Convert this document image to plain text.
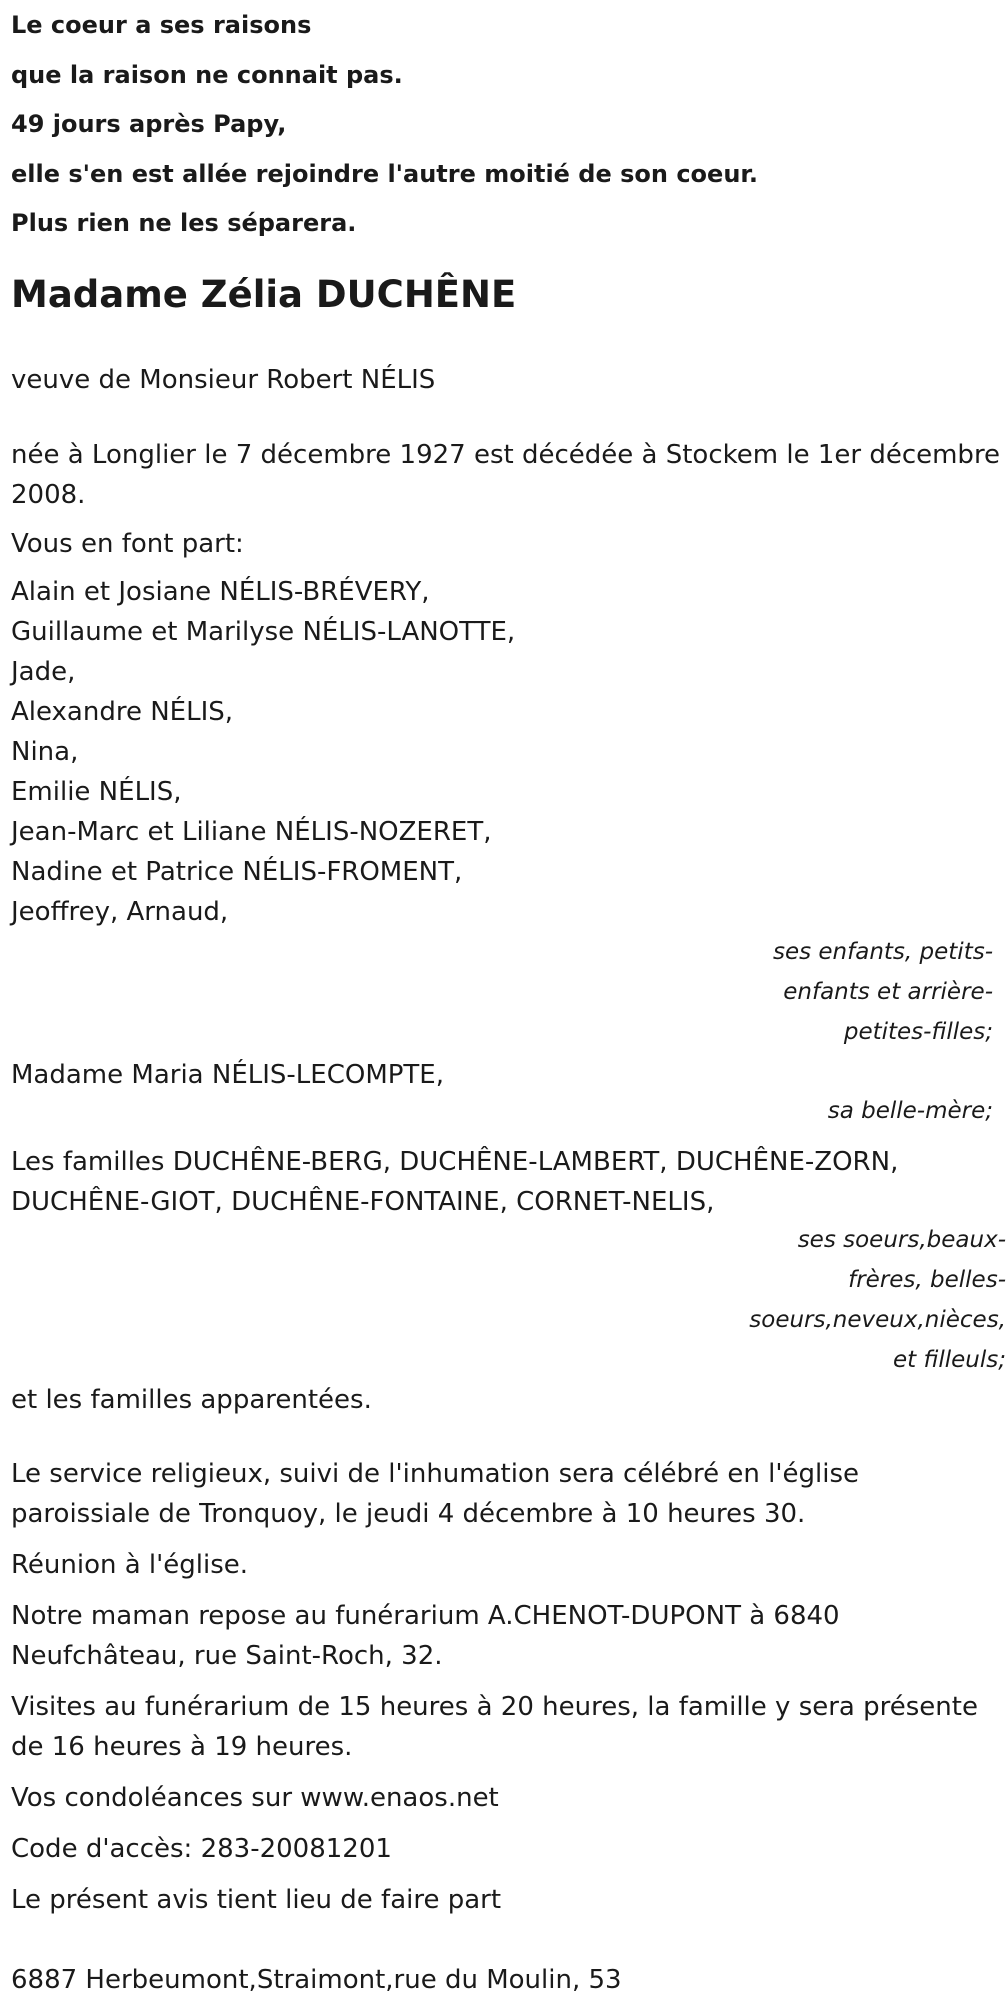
Le coeur a ses raisons

que la raison ne connait pas.

49 jours après Papy,

elle s'en est allée rejoindre l'autre moitié de son coeur.

Plus rien ne les séparera.

Madame Zélia DUCHÊNE

veuve de Monsieur Robert NÉLIS

née à Longlier le 7 décembre 1927 est décédée à Stockem le 1er décembre 2008.

Vous en font part:

Alain et Josiane NÉLIS-BRÉVERY,

Guillaume et Marilyse NÉLIS-LANOTTE,

Jade,

Alexandre NÉLIS,

Nina,

Emilie NÉLIS,

Jean-Marc et Liliane NÉLIS-NOZERET,

Nadine et Patrice NÉLIS-FROMENT,

Jeoffrey, Arnaud,

ses enfants, petits-enfants et arrière-petites-filles;

Madame Maria NÉLIS-LECOMPTE,

sa belle-mère;

Les familles DUCHÊNE-BERG, DUCHÊNE-LAMBERT, DUCHÊNE-ZORN, DUCHÊNE-GIOT, DUCHÊNE-FONTAINE, CORNET-NELIS,

ses soeurs,beaux-frères, belles-soeurs,neveux,nièces, et filleuls;

et les familles apparentées.

Le service religieux, suivi de l'inhumation sera célébré en l'église paroissiale de Tronquoy, le jeudi 4 décembre à 10 heures 30.

Réunion à l'église.

Notre maman repose au funérarium A.CHENOT-DUPONT à 6840 Neufchâteau, rue Saint-Roch, 32.

Visites au funérarium de 15 heures à 20 heures, la famille y sera présente de 16 heures à 19 heures.

Vos condoléances sur www.enaos.net

Code d'accès: 283-20081201

Le présent avis tient lieu de faire part

6887 Herbeumont,Straimont,rue du Moulin, 53
